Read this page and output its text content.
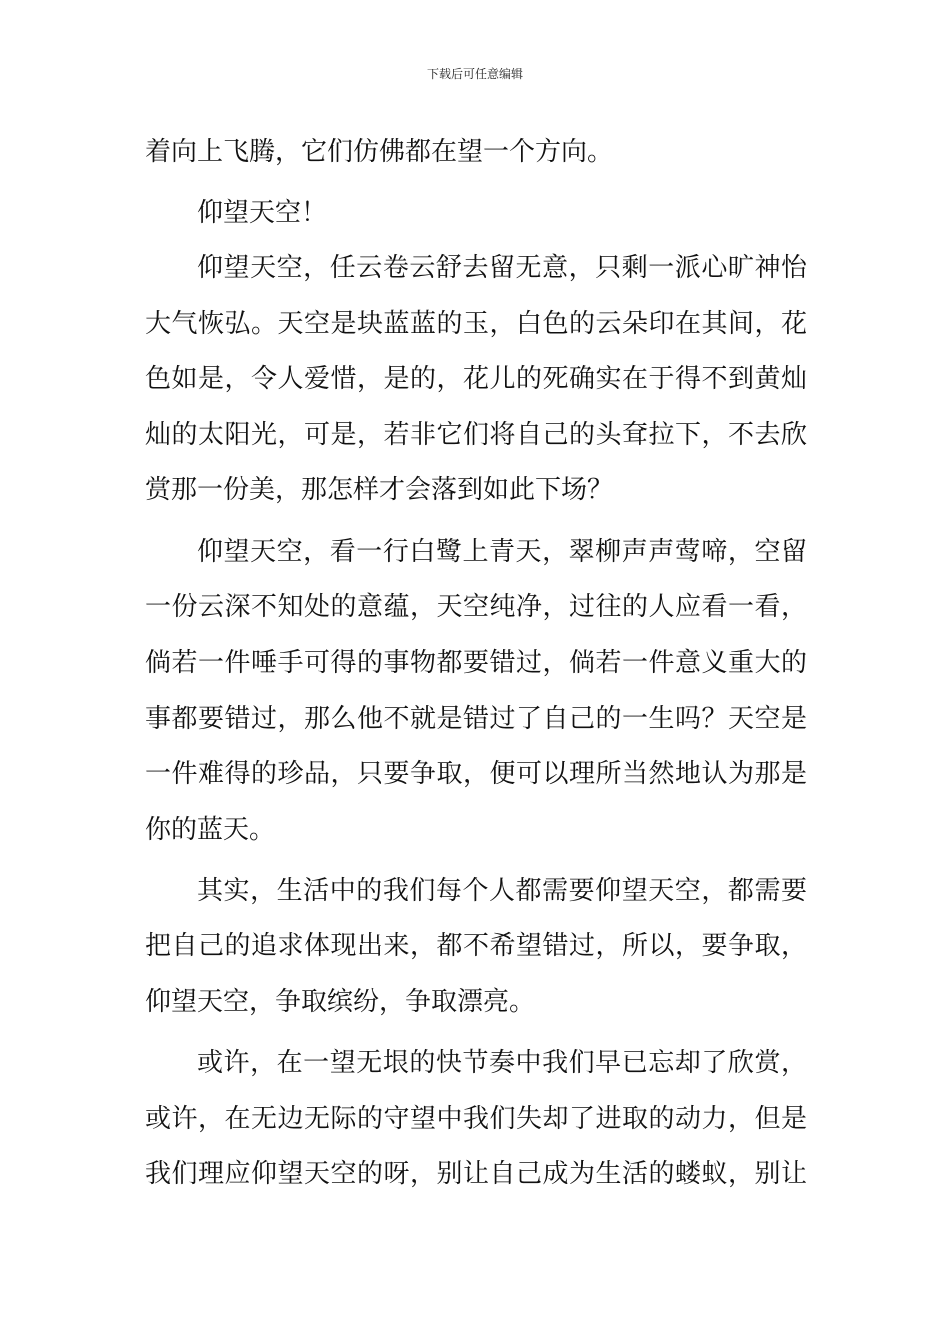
下载后可任意编辑
着向上飞腾，它们仿佛都在望一个方向。
仰望天空！
仰望天空，任云卷云舒去留无意，只剩一派心旷神怡
大气恢弘。天空是块蓝蓝的玉，白色的云朵印在其间，花
色如是，令人爱惜，是的，花儿的死确实在于得不到黄灿
灿的太阳光，可是，若非它们将自己的头耷拉下，不去欣
赏那一份美，那怎样才会落到如此下场？
仰望天空，看一行白鹭上青天，翠柳声声莺啼，空留
一份云深不知处的意蕴，天空纯净，过往的人应看一看，
倘若一件唾手可得的事物都要错过，倘若一件意义重大的
事都要错过，那么他不就是错过了自己的一生吗？天空是
一件难得的珍品，只要争取，便可以理所当然地认为那是
你的蓝天。
其实，生活中的我们每个人都需要仰望天空，都需要
把自己的追求体现出来，都不希望错过，所以，要争取，
仰望天空，争取缤纷，争取漂亮。
或许，在一望无垠的快节奏中我们早已忘却了欣赏，
或许，在无边无际的守望中我们失却了进取的动力，但是
我们理应仰望天空的呀，别让自己成为生活的蝼蚁，别让
